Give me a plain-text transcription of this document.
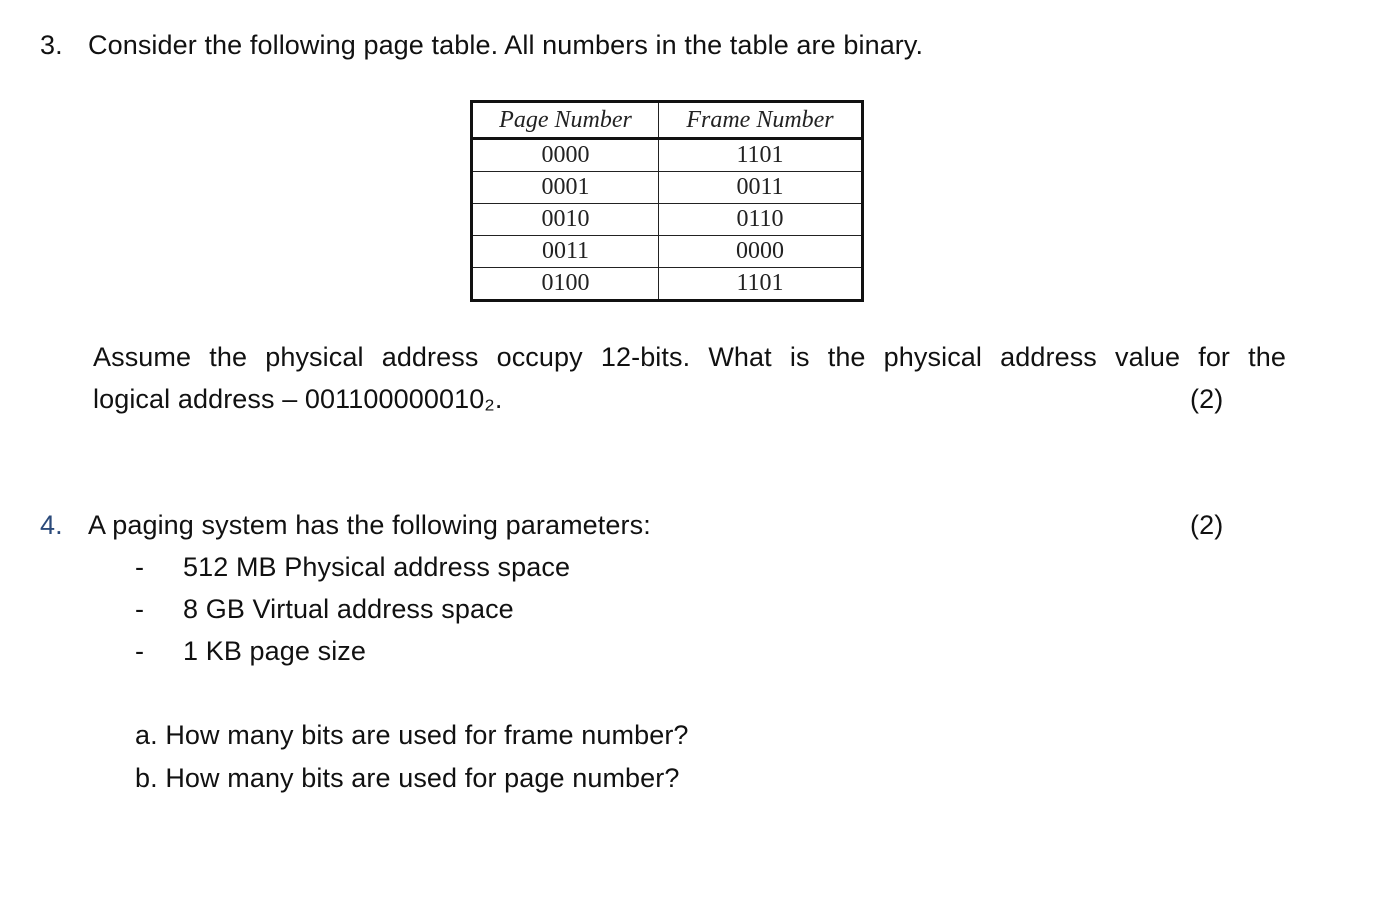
3. Consider the following page table. All numbers in the table are binary.
Page Number	Frame Number
0000	1101
0001	0011
0010	0110
0011	0000
0100	1101
Assume the physical address occupy 12-bits. What is the physical address value for the
logical address – 001100000010₂.	(2)
4. A paging system has the following parameters:	(2)
- 512 MB Physical address space
- 8 GB Virtual address space
- 1 KB page size
a. How many bits are used for frame number?
b. How many bits are used for page number?
